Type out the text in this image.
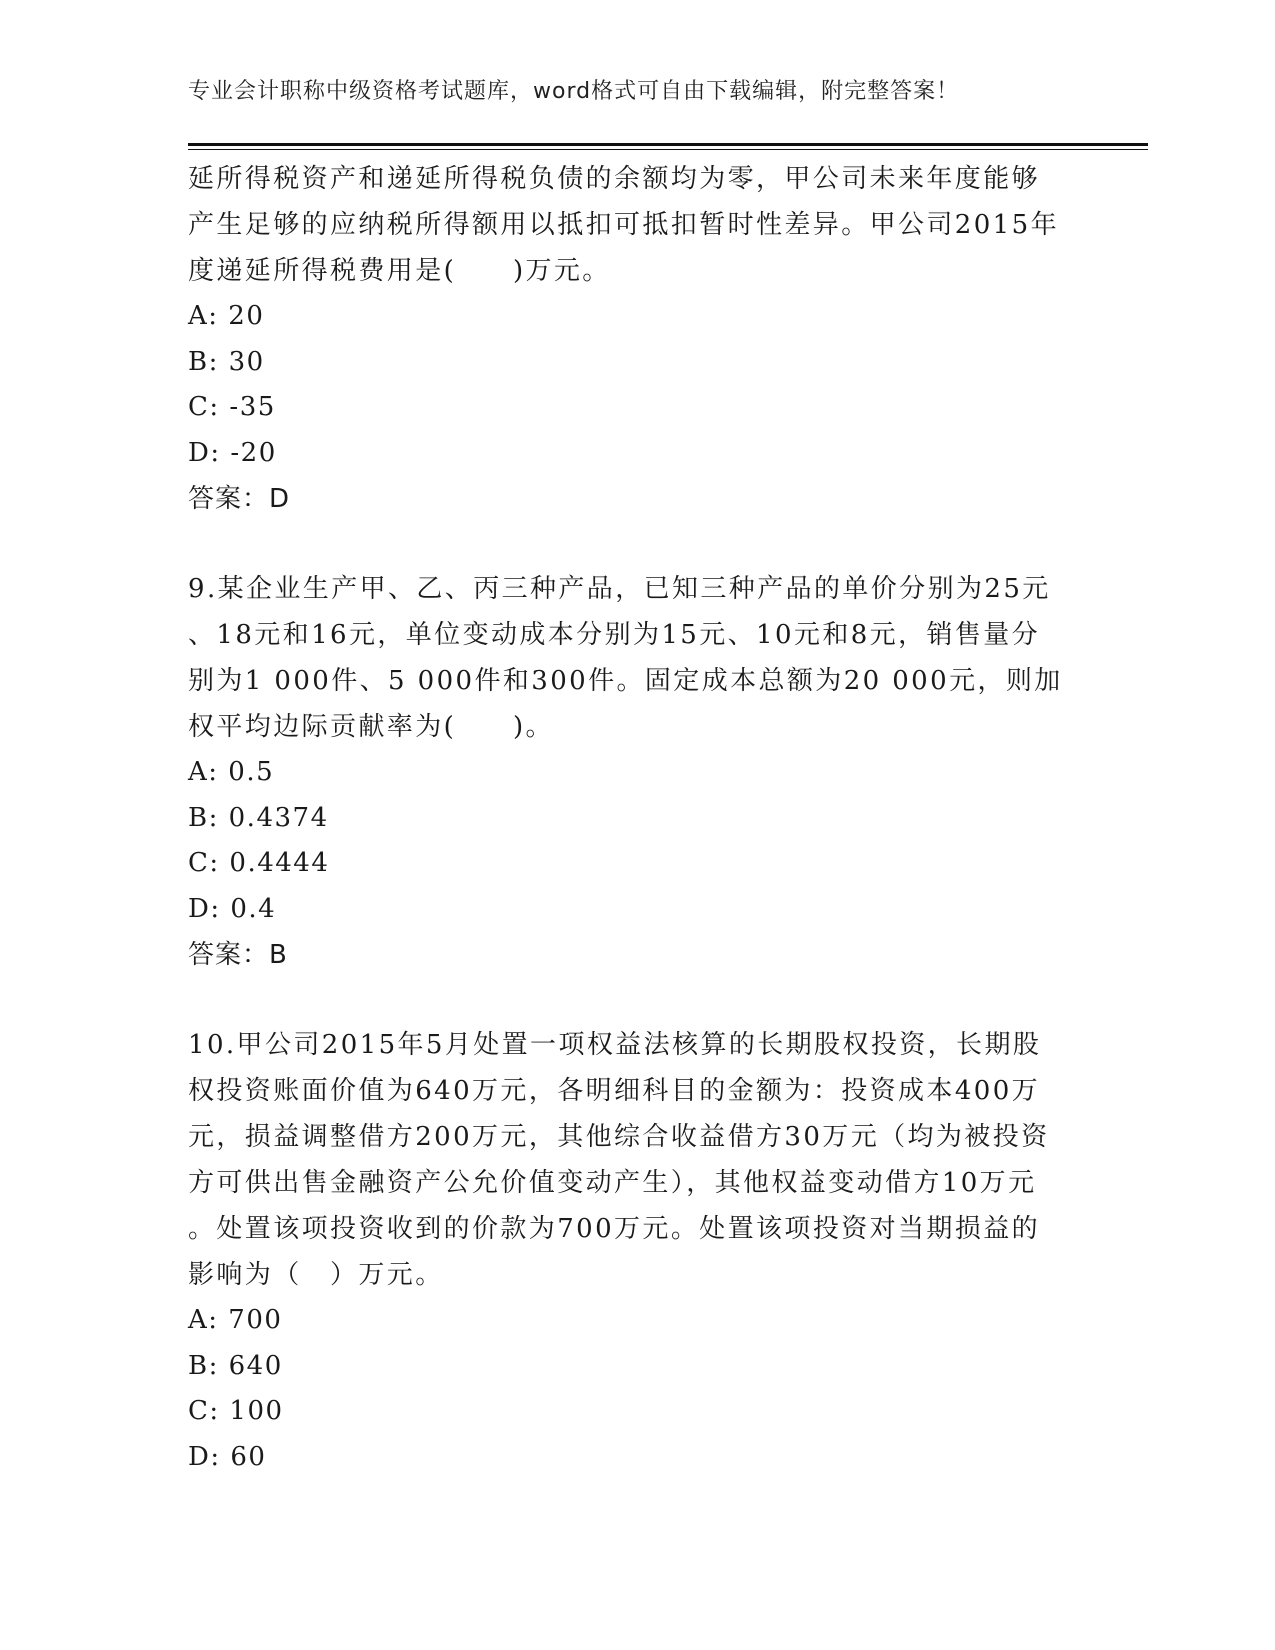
专业会计职称中级资格考试题库，word格式可自由下载编辑，附完整答案！
延所得税资产和递延所得税负债的余额均为零，甲公司未来年度能够
产生足够的应纳税所得额用以抵扣可抵扣暂时性差异。甲公司2015年
度递延所得税费用是(　　)万元。
A: 20
B: 30
C: -35
D: -20
答案：D
9.某企业生产甲、乙、丙三种产品，已知三种产品的单价分别为25元
、18元和16元，单位变动成本分别为15元、10元和8元，销售量分
别为1 000件、5 000件和300件。固定成本总额为20 000元，则加
权平均边际贡献率为(　　)。
A: 0.5
B: 0.4374
C: 0.4444
D: 0.4
答案：B
10.甲公司2015年5月处置一项权益法核算的长期股权投资，长期股
权投资账面价值为640万元，各明细科目的金额为：投资成本400万
元，损益调整借方200万元，其他综合收益借方30万元（均为被投资
方可供出售金融资产公允价值变动产生），其他权益变动借方10万元
。处置该项投资收到的价款为700万元。处置该项投资对当期损益的
影响为（　）万元。
A: 700
B: 640
C: 100
D: 60
